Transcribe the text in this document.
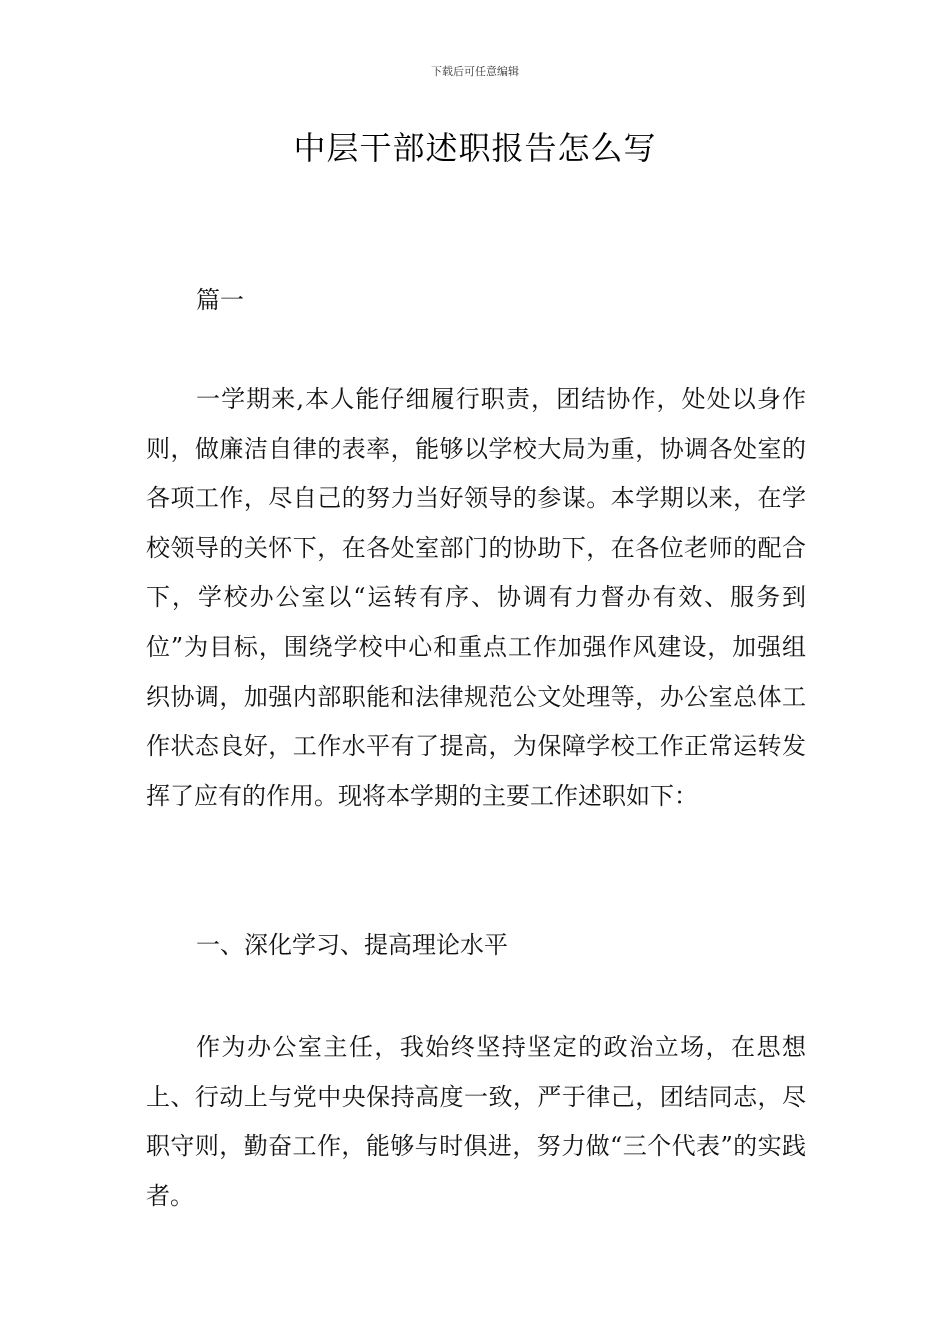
下载后可任意编辑
中层干部述职报告怎么写

篇一

一学期来,本人能仔细履行职责，团结协作，处处以身作则，做廉洁自律的表率，能够以学校大局为重，协调各处室的各项工作，尽自己的努力当好领导的参谋。本学期以来，在学校领导的关怀下，在各处室部门的协助下，在各位老师的配合下，学校办公室以“运转有序、协调有力督办有效、服务到位”为目标，围绕学校中心和重点工作加强作风建设，加强组织协调，加强内部职能和法律规范公文处理等，办公室总体工作状态良好，工作水平有了提高，为保障学校工作正常运转发挥了应有的作用。现将本学期的主要工作述职如下：

一、深化学习、提高理论水平

作为办公室主任，我始终坚持坚定的政治立场，在思想上、行动上与党中央保持高度一致，严于律己，团结同志，尽职守则，勤奋工作，能够与时俱进，努力做“三个代表”的实践者。
